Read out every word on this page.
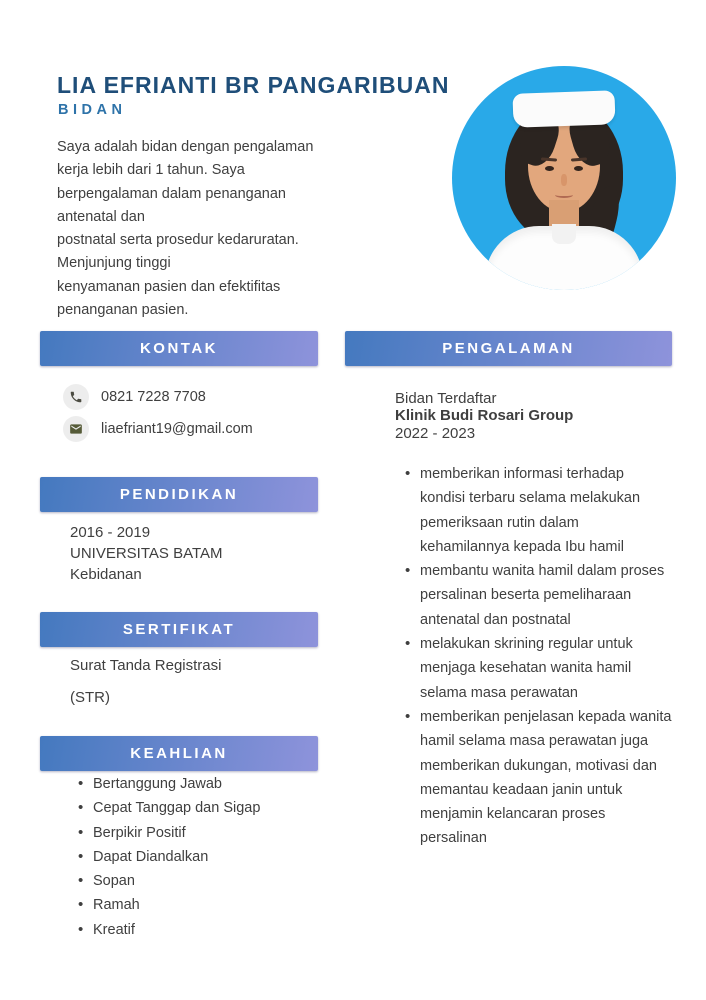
LIA EFRIANTI BR PANGARIBUAN
BIDAN
Saya adalah bidan dengan pengalaman
kerja lebih dari 1 tahun. Saya
berpengalaman dalam penanganan
antenatal dan
postnatal serta prosedur kedaruratan.
Menjunjung tinggi
kenyamanan pasien dan efektifitas
penanganan pasien.
KONTAK
0821 7228 7708
liaefriant19@gmail.com
PENDIDIKAN
2016 - 2019
UNIVERSITAS BATAM
Kebidanan
SERTIFIKAT
Surat Tanda Registrasi
(STR)
KEAHLIAN
• Bertanggung Jawab
• Cepat Tanggap dan Sigap
• Berpikir Positif
• Dapat Diandalkan
• Sopan
• Ramah
• Kreatif
PENGALAMAN
Bidan Terdaftar
Klinik Budi Rosari Group
2022 - 2023
• memberikan informasi terhadap kondisi terbaru selama melakukan pemeriksaan rutin dalam kehamilannya kepada Ibu hamil
• membantu wanita hamil dalam proses persalinan beserta pemeliharaan antenatal dan postnatal
• melakukan skrining regular untuk menjaga kesehatan wanita hamil selama masa perawatan
• memberikan penjelasan kepada wanita hamil selama masa perawatan juga memberikan dukungan, motivasi dan memantau keadaan janin untuk menjamin kelancaran proses persalinan
